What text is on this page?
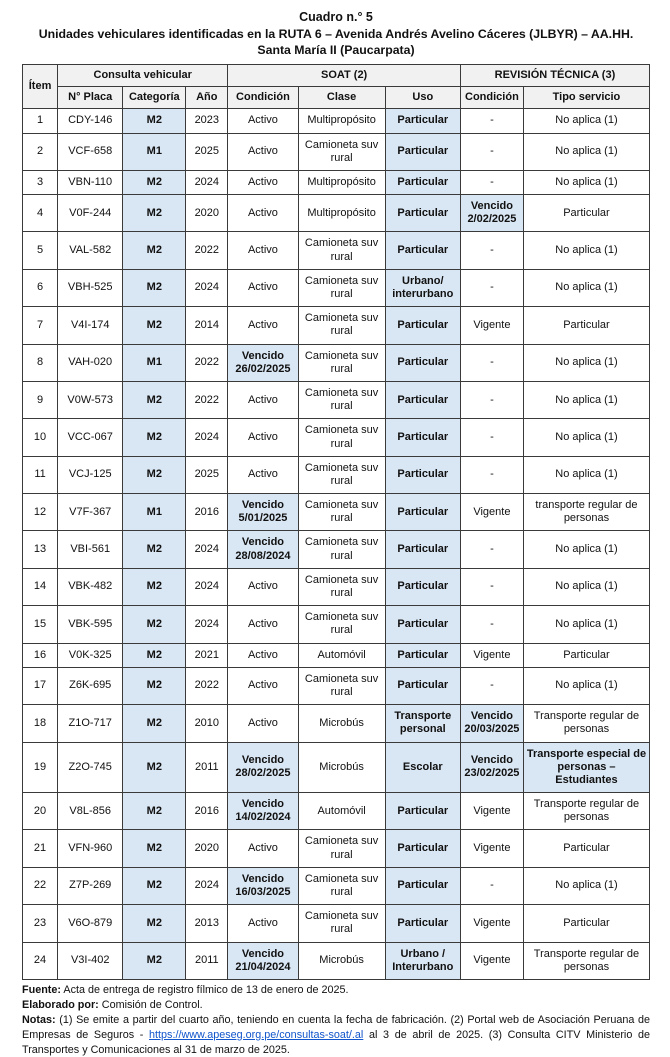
Cuadro n.° 5
Unidades vehiculares identificadas en la RUTA 6 – Avenida Andrés Avelino Cáceres (JLBYR) – AA.HH. Santa María II (Paucarpata)
Ítem	Consulta vehicular			SOAT (2)			REVISIÓN TÉCNICA (3)	
	N° Placa	Categoría	Año	Condición	Clase	Uso	Condición	Tipo servicio
1	CDY-146	M2	2023	Activo	Multipropósito	Particular	-	No aplica (1)
2	VCF-658	M1	2025	Activo	Camioneta suv rural	Particular	-	No aplica (1)
3	VBN-110	M2	2024	Activo	Multipropósito	Particular	-	No aplica (1)
4	V0F-244	M2	2020	Activo	Multipropósito	Particular	Vencido 2/02/2025	Particular
5	VAL-582	M2	2022	Activo	Camioneta suv rural	Particular	-	No aplica (1)
6	VBH-525	M2	2024	Activo	Camioneta suv rural	Urbano/ interurbano	-	No aplica (1)
7	V4I-174	M2	2014	Activo	Camioneta suv rural	Particular	Vigente	Particular
8	VAH-020	M1	2022	Vencido 26/02/2025	Camioneta suv rural	Particular	-	No aplica (1)
9	V0W-573	M2	2022	Activo	Camioneta suv rural	Particular	-	No aplica (1)
10	VCC-067	M2	2024	Activo	Camioneta suv rural	Particular	-	No aplica (1)
11	VCJ-125	M2	2025	Activo	Camioneta suv rural	Particular	-	No aplica (1)
12	V7F-367	M1	2016	Vencido 5/01/2025	Camioneta suv rural	Particular	Vigente	transporte regular de personas
13	VBI-561	M2	2024	Vencido 28/08/2024	Camioneta suv rural	Particular	-	No aplica (1)
14	VBK-482	M2	2024	Activo	Camioneta suv rural	Particular	-	No aplica (1)
15	VBK-595	M2	2024	Activo	Camioneta suv rural	Particular	-	No aplica (1)
16	V0K-325	M2	2021	Activo	Automóvil	Particular	Vigente	Particular
17	Z6K-695	M2	2022	Activo	Camioneta suv rural	Particular	-	No aplica (1)
18	Z1O-717	M2	2010	Activo	Microbús	Transporte personal	Vencido 20/03/2025	Transporte regular de personas
19	Z2O-745	M2	2011	Vencido 28/02/2025	Microbús	Escolar	Vencido 23/02/2025	Transporte especial de personas – Estudiantes
20	V8L-856	M2	2016	Vencido 14/02/2024	Automóvil	Particular	Vigente	Transporte regular de personas
21	VFN-960	M2	2020	Activo	Camioneta suv rural	Particular	Vigente	Particular
22	Z7P-269	M2	2024	Vencido 16/03/2025	Camioneta suv rural	Particular	-	No aplica (1)
23	V6O-879	M2	2013	Activo	Camioneta suv rural	Particular	Vigente	Particular
24	V3I-402	M2	2011	Vencido 21/04/2024	Microbús	Urbano / Interurbano	Vigente	Transporte regular de personas

Fuente: Acta de entrega de registro fílmico de 13 de enero de 2025.

Elaborado por: Comisión de Control.

Notas: (1) Se emite a partir del cuarto año, teniendo en cuenta la fecha de fabricación. (2) Portal web de Asociación Peruana de Empresas de Seguros - https://www.apeseg.org.pe/consultas-soat/.al al 3 de abril de 2025. (3) Consulta CITV Ministerio de Transportes y Comunicaciones al 31 de marzo de 2025.
